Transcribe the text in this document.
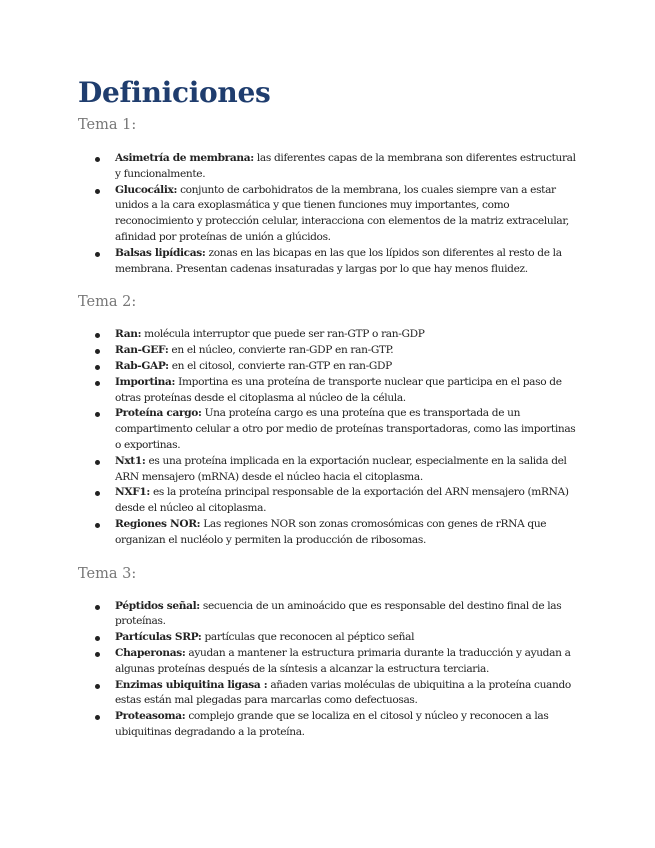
Definiciones
Tema 1:
Asimetría de membrana: las diferentes capas de la membrana son diferentes estructural y funcionalmente.
Glucocálix: conjunto de carbohidratos de la membrana, los cuales siempre van a estar unidos a la cara exoplasmática y que tienen funciones muy importantes, como reconocimiento y protección celular, interacciona con elementos de la matriz extracelular, afinidad por proteínas de unión a glúcidos.
Balsas lipídicas: zonas en las bicapas en las que los lípidos son diferentes al resto de la membrana. Presentan cadenas insaturadas y largas por lo que hay menos fluidez.
Tema 2:
Ran: molécula interruptor que puede ser ran-GTP o ran-GDP
Ran-GEF: en el núcleo, convierte ran-GDP en ran-GTP.
Rab-GAP: en el citosol, convierte ran-GTP en ran-GDP
Importina: Importina es una proteína de transporte nuclear que participa en el paso de otras proteínas desde el citoplasma al núcleo de la célula.
Proteína cargo: Una proteína cargo es una proteína que es transportada de un compartimento celular a otro por medio de proteínas transportadoras, como las importinas o exportinas.
Nxt1: es una proteína implicada en la exportación nuclear, especialmente en la salida del ARN mensajero (mRNA) desde el núcleo hacia el citoplasma.
NXF1: es la proteína principal responsable de la exportación del ARN mensajero (mRNA) desde el núcleo al citoplasma.
Regiones NOR: Las regiones NOR son zonas cromosómicas con genes de rRNA que organizan el nucléolo y permiten la producción de ribosomas.
Tema 3:
Péptidos señal: secuencia de un aminoácido que es responsable del destino final de las proteínas.
Partículas SRP: partículas que reconocen al péptico señal
Chaperonas: ayudan a mantener la estructura primaria durante la traducción y ayudan a algunas proteínas después de la síntesis a alcanzar la estructura terciaria.
Enzimas ubiquitina ligasa : añaden varias moléculas de ubiquitina a la proteína cuando estas están mal plegadas para marcarlas como defectuosas.
Proteasoma: complejo grande que se localiza en el citosol y núcleo y reconocen a las ubiquitinas degradando a la proteína.
